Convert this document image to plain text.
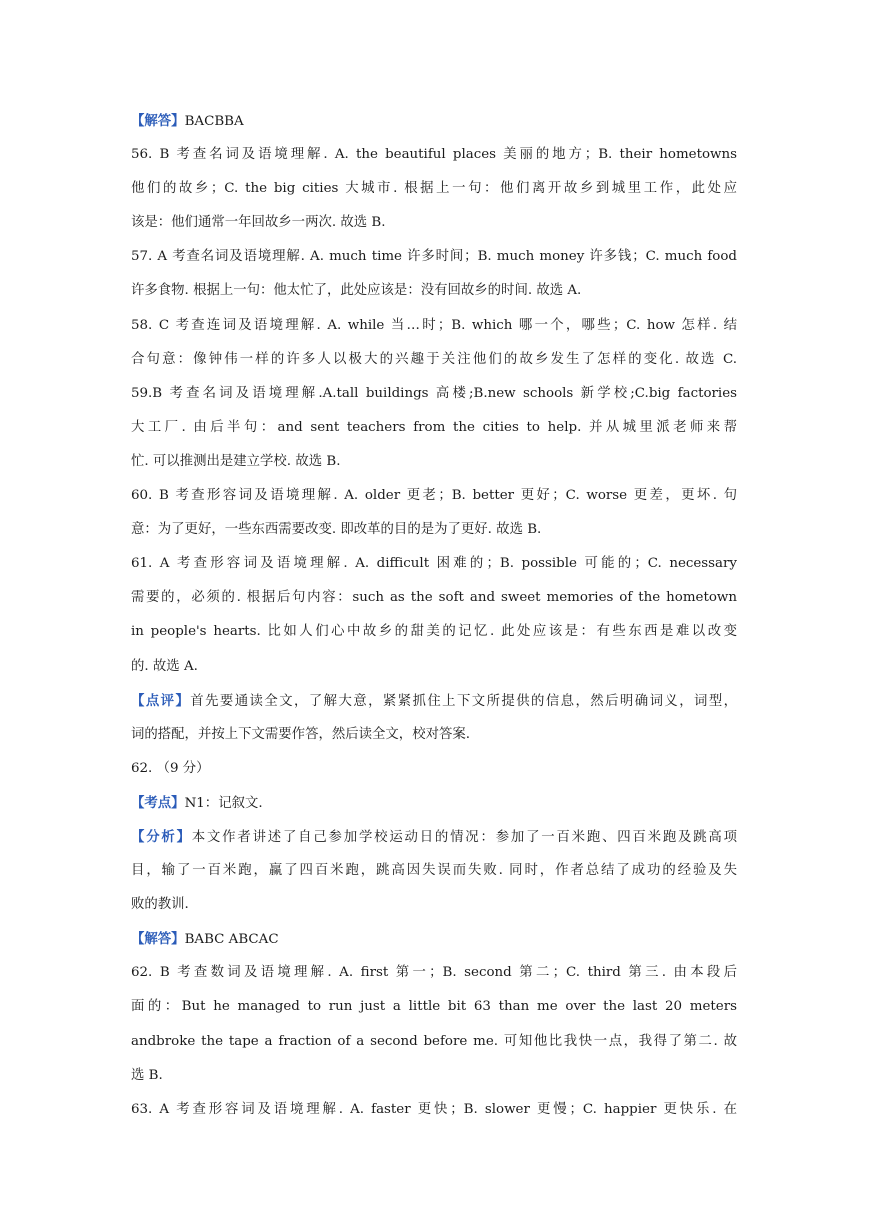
【 解答 】 BACBBA
56. B 考查名词及语境理解. A. the beautiful places 美丽的地方；B. their hometowns
他们的故乡；C. the big cities 大城市. 根据上一句：他们离开故乡到城里工作，此处应
该是：他们通常一年回故乡一两次. 故选 B.
57. A 考查名词及语境理解. A. much time 许多时间；B. much money 许多钱；C. much food
许多食物. 根据上一句：他太忙了，此处应该是：没有回故乡的时间. 故选 A.
58. C 考查连词及语境理解. A. while 当…时；B. which 哪一个，哪些；C. how 怎样. 结
合句意：像钟伟一样的许多人以极大的兴趣于关注他们的故乡发生了怎样的变化. 故选 C.
59.B 考查名词及语境理解.A.tall buildings 高楼;B.new schools 新学校;C.big factories
大工厂. 由后半句：and sent teachers from the cities to help. 并从城里派老师来帮
忙. 可以推测出是建立学校. 故选 B.
60. B 考查形容词及语境理解. A. older 更老；B. better 更好；C. worse 更差，更坏. 句
意：为了更好，一些东西需要改变. 即改革的目的是为了更好. 故选 B.
61. A 考查形容词及语境理解. A. difficult 困难的；B. possible 可能的；C. necessary
需要的，必须的. 根据后句内容：such as the soft and sweet memories of the hometown
in people's hearts. 比如人们心中故乡的甜美的记忆. 此处应该是：有些东西是难以改变
的. 故选 A.
【 点评 】 首先要通读全文，了解大意，紧紧抓住上下文所提供的信息，然后明确词义，词型，
词的搭配，并按上下文需要作答，然后读全文，校对答案.
62. （9 分）
【 考点 】 N1：记叙文.
【 分析 】 本文作者讲述了自己参加学校运动日的情况：参加了一百米跑、四百米跑及跳高项
目，输了一百米跑，赢了四百米跑，跳高因失误而失败. 同时，作者总结了成功的经验及失
败的教训.
【 解答 】 BABC ABCAC
62. B 考查数词及语境理解. A. first 第一；B. second 第二；C. third 第三. 由本段后
面的：But he managed to run just a little bit 63 than me over the last 20 meters
andbroke the tape a fraction of a second before me. 可知他比我快一点，我得了第二. 故
选 B.
63. A 考查形容词及语境理解. A. faster 更快；B. slower 更慢；C. happier 更快乐. 在
